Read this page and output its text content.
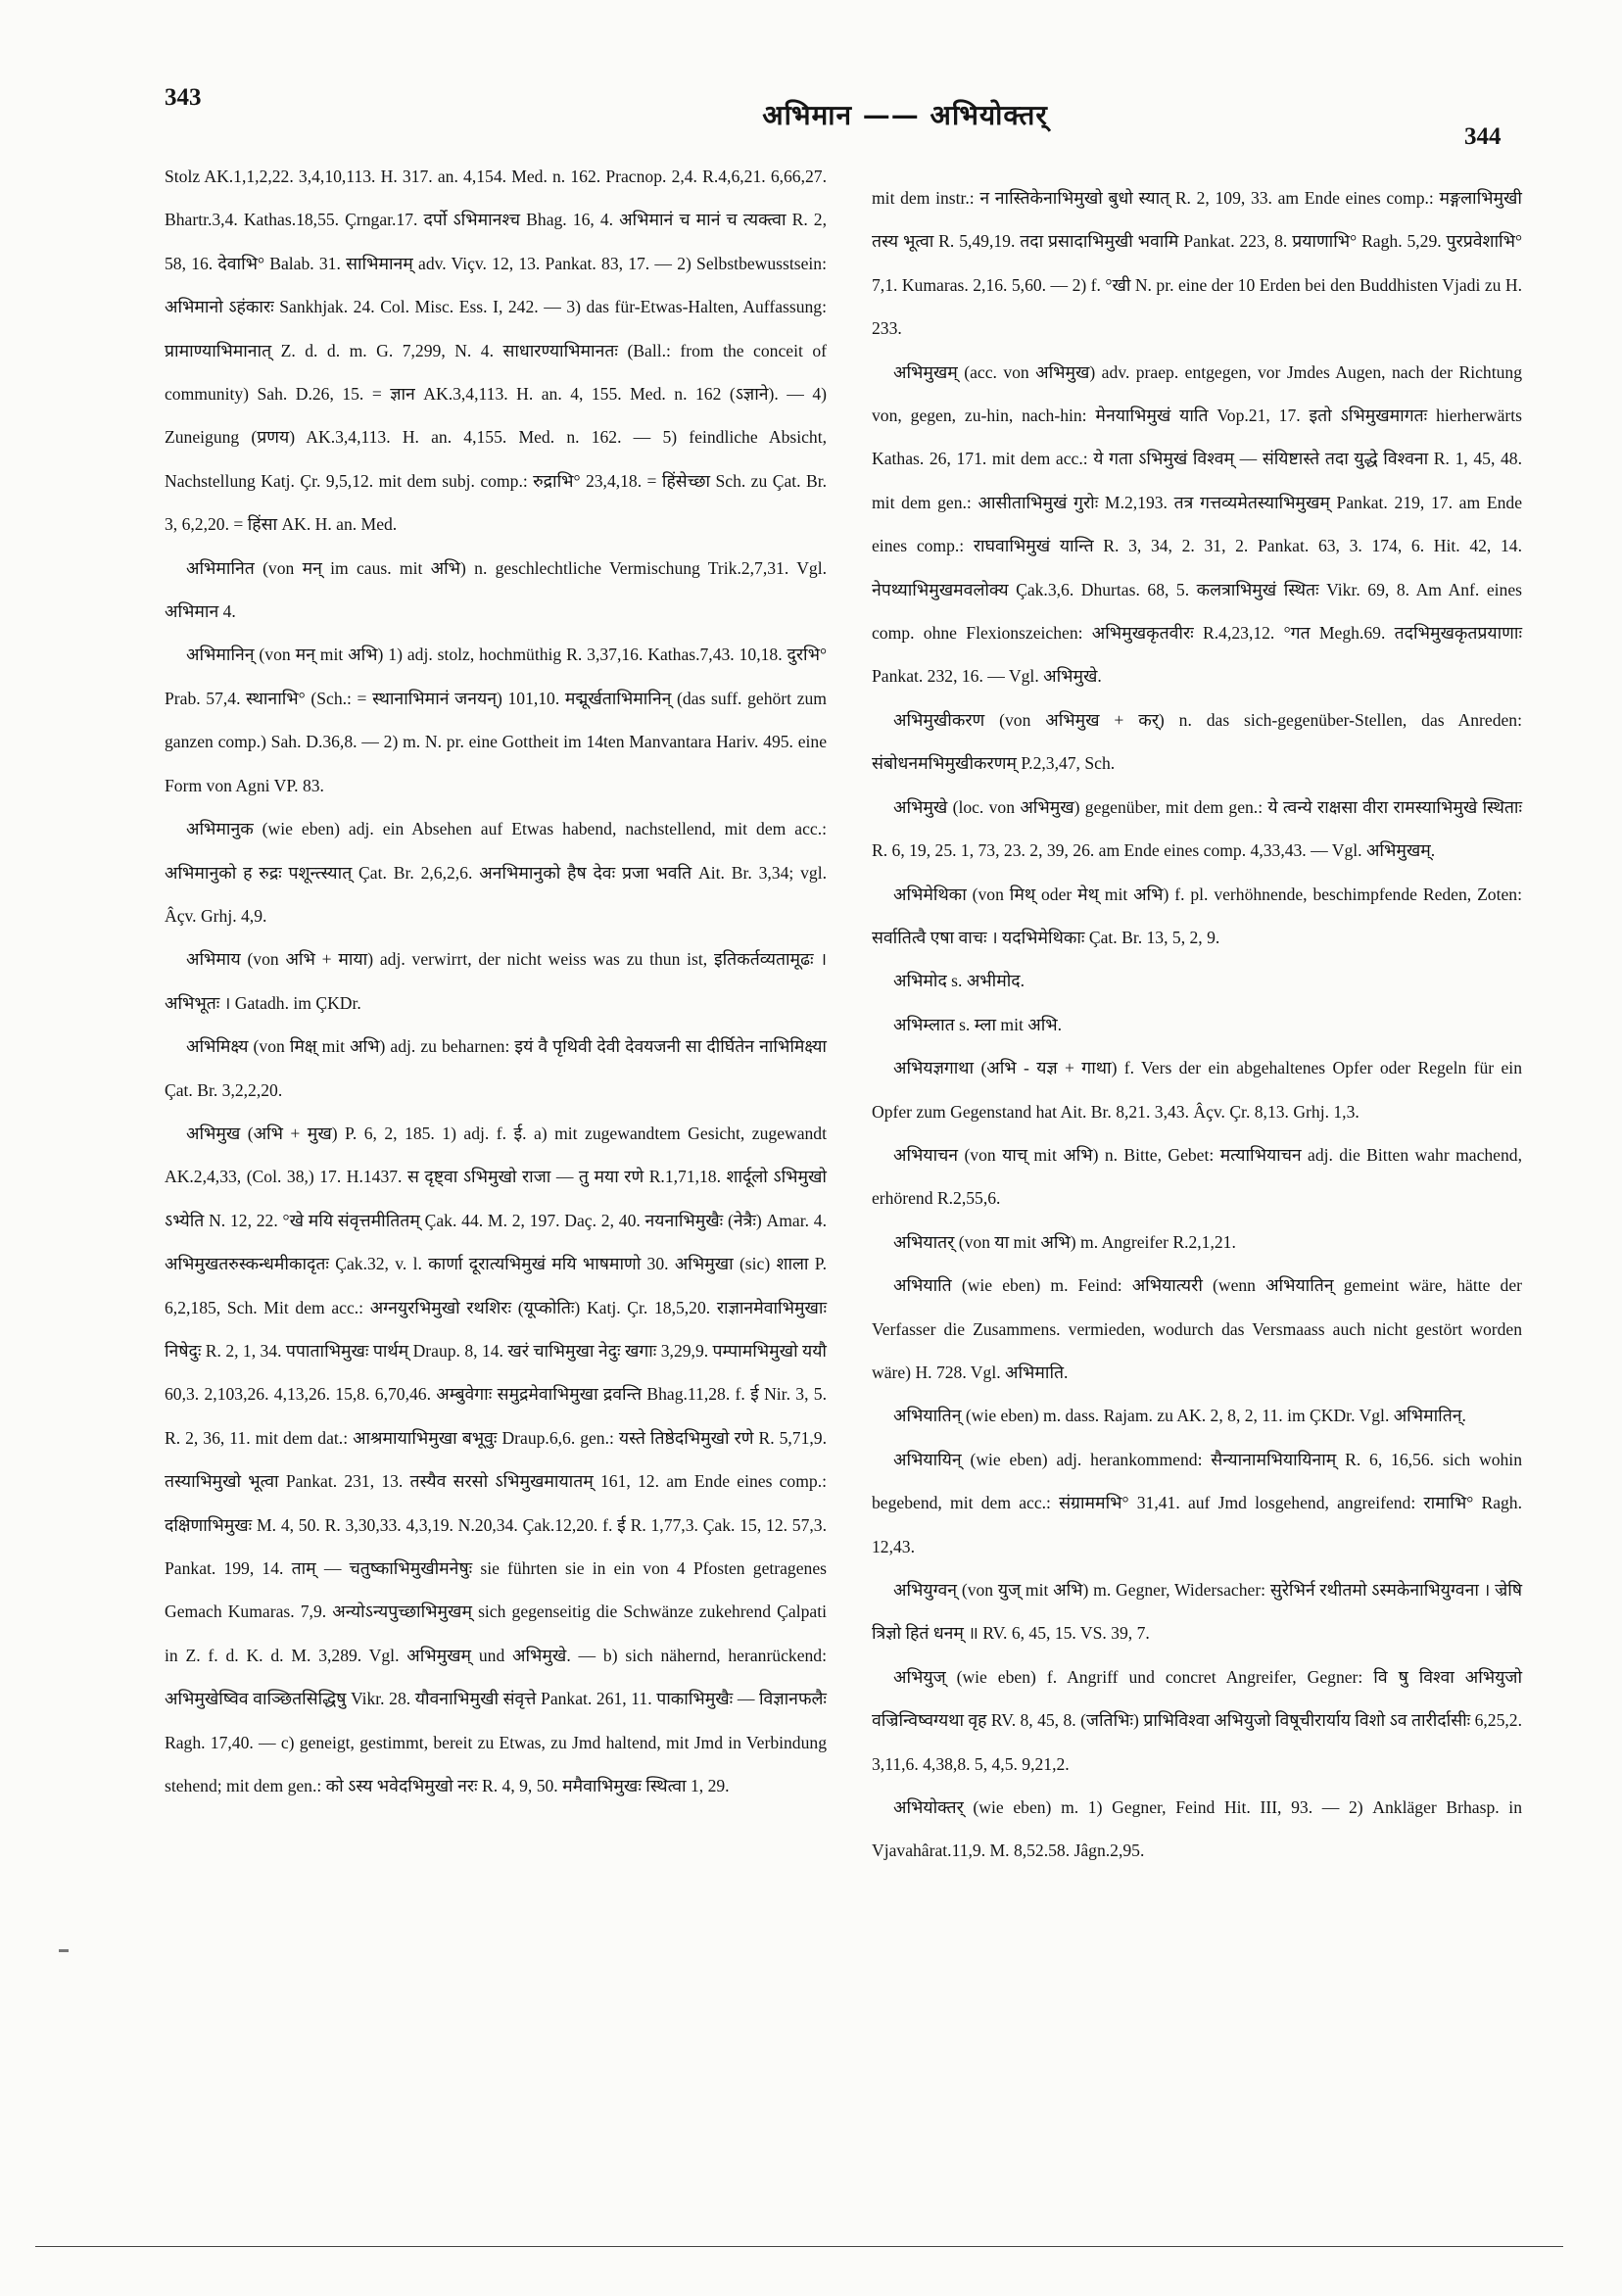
343
अभिमान —— अभियोक्तर्
344

Stolz AK.1,1,2,22. 3,4,10,113. H. 317. an. 4,154. Med. n. 162. Pracnop. 2,4. R.4,6,21. 6,66,27. Bhartr.3,4. Kathas.18,55. Çrngar.17. दर्पो ऽभिमानश्च Bhag. 16, 4. अभिमानं च मानं च त्यक्त्वा R. 2, 58, 16. देवाभि° Balab. 31. साभिमानम् adv. Viçv. 12, 13. Pankat. 83, 17. — 2) Selbstbewusstsein: अभिमानो ऽहंकारः Sankhjak. 24. Col. Misc. Ess. I, 242. — 3) das für-Etwas-Halten, Auffassung: प्रामाण्याभिमानात् Z. d. d. m. G. 7,299, N. 4. साधारण्याभिमानतः (Ball.: from the conceit of community) Sah. D.26, 15. = ज्ञान AK.3,4,113. H. an. 4, 155. Med. n. 162 (ऽज्ञाने). — 4) Zuneigung (प्रणय) AK.3,4,113. H. an. 4,155. Med. n. 162. — 5) feindliche Absicht, Nachstellung Katj. Çr. 9,5,12. mit dem subj. comp.: रुद्राभि° 23,4,18. = हिंसेच्छा Sch. zu Çat. Br. 3, 6,2,20. = हिंसा AK. H. an. Med.

अभिमानित (von मन् im caus. mit अभि) n. geschlechtliche Vermischung Trik.2,7,31. Vgl. अभिमान 4.

अभिमानिन् (von मन् mit अभि) 1) adj. stolz, hochmüthig R. 3,37,16. Kathas.7,43. 10,18. दुरभि° Prab. 57,4. स्थानाभि° (Sch.: = स्थानाभिमानं जनयन्) 101,10. मद्मूर्खताभिमानिन् (das suff. gehört zum ganzen comp.) Sah. D.36,8. — 2) m. N. pr. eine Gottheit im 14ten Manvantara Hariv. 495. eine Form von Agni VP. 83.

अभिमानुक (wie eben) adj. ein Absehen auf Etwas habend, nachstellend, mit dem acc.: अभिमानुको ह रुद्रः पशून्त्स्यात् Çat. Br. 2,6,2,6. अनभिमानुको हैष देवः प्रजा भवति Ait. Br. 3,34; vgl. Âçv. Grhj. 4,9.

अभिमाय (von अभि + माया) adj. verwirrt, der nicht weiss was zu thun ist, इतिकर्तव्यतामूढः । अभिभूतः । Gatadh. im ÇKDr.

अभिमिक्ष्य (von मिक्ष् mit अभि) adj. zu beharnen: इयं वै पृथिवी देवी देवयजनी सा दीर्घितेन नाभिमिक्ष्या Çat. Br. 3,2,2,20.

अभिमुख (अभि + मुख) P. 6, 2, 185. 1) adj. f. ई. a) mit zugewandtem Gesicht, zugewandt AK.2,4,33, (Col. 38,) 17. H.1437. स दृष्ट्वा ऽभिमुखो राजा — तु मया रणे R.1,71,18. शार्दूलो ऽभिमुखो ऽभ्येति N. 12, 22. °खे मयि संवृत्तमीतितम् Çak. 44. M. 2, 197. Daç. 2, 40. नयनाभिमुखैः (नेत्रैः) Amar. 4. अभिमुखतरुस्कन्धमीकादृतः Çak.32, v. l. कार्णा दूरात्यभिमुखं मयि भाषमाणो 30. अभिमुखा (sic) शाला P. 6,2,185, Sch. Mit dem acc.: अग्नयुरभिमुखो रथशिरः (यूप्कोतिः) Katj. Çr. 18,5,20. राज्ञानमेवाभिमुखाः निषेदुः R. 2, 1, 34. पपाताभिमुखः पार्थम् Draup. 8, 14. खरं चाभिमुखा नेदुः खगाः 3,29,9. पम्पामभिमुखो ययौ 60,3. 2,103,26. 4,13,26. 15,8. 6,70,46. अम्बुवेगाः समुद्रमेवाभिमुखा द्रवन्ति Bhag.11,28. f. ई Nir. 3, 5. R. 2, 36, 11. mit dem dat.: आश्रमायाभिमुखा बभूवुः Draup.6,6. gen.: यस्ते तिष्ठेदभिमुखो रणे R. 5,71,9. तस्याभिमुखो भूत्वा Pankat. 231, 13. तस्यैव सरसो ऽभिमुखमायातम् 161, 12. am Ende eines comp.: दक्षिणाभिमुखः M. 4, 50. R. 3,30,33. 4,3,19. N.20,34. Çak.12,20. f. ई R. 1,77,3. Çak. 15, 12. 57,3. Pankat. 199, 14. ताम् — चतुष्काभिमुखीमनेषुः sie führten sie in ein von 4 Pfosten getragenes Gemach Kumaras. 7,9. अन्योऽन्यपुच्छाभिमुखम् sich gegenseitig die Schwänze zukehrend Çalpati in Z. f. d. K. d. M. 3,289. Vgl. अभिमुखम् und अभिमुखे. — b) sich nähernd, heranrückend: अभिमुखेष्विव वाञ्छितसिद्धिषु Vikr. 28. यौवनाभिमुखी संवृत्ते Pankat. 261, 11. पाकाभिमुखैः — विज्ञानफलैः Ragh. 17,40. — c) geneigt, gestimmt, bereit zu Etwas, zu Jmd haltend, mit Jmd in Verbindung stehend; mit dem gen.: को ऽस्य भवेदभिमुखो नरः R. 4, 9, 50. ममैवाभिमुखः स्थित्वा 1, 29.

mit dem instr.: न नास्तिकेनाभिमुखो बुधो स्यात् R. 2, 109, 33. am Ende eines comp.: मङ्गलाभिमुखी तस्य भूत्वा R. 5,49,19. तदा प्रसादाभिमुखी भवामि Pankat. 223, 8. प्रयाणाभि° Ragh. 5,29. पुरप्रवेशाभि° 7,1. Kumaras. 2,16. 5,60. — 2) f. °खी N. pr. eine der 10 Erden bei den Buddhisten Vjadi zu H. 233.

अभिमुखम् (acc. von अभिमुख) adv. praep. entgegen, vor Jmdes Augen, nach der Richtung von, gegen, zu-hin, nach-hin: मेनयाभिमुखं याति Vop.21, 17. इतो ऽभिमुखमागतः hierherwärts Kathas. 26, 171. mit dem acc.: ये गता ऽभिमुखं विश्वम् — संयिष्टास्ते तदा युद्धे विश्वना R. 1, 45, 48. mit dem gen.: आसीताभिमुखं गुरोः M.2,193. तत्र गत्तव्यमेतस्याभिमुखम् Pankat. 219, 17. am Ende eines comp.: राघवाभिमुखं यान्ति R. 3, 34, 2. 31, 2. Pankat. 63, 3. 174, 6. Hit. 42, 14. नेपथ्याभिमुखमवलोक्य Çak.3,6. Dhurtas. 68, 5. कलत्राभिमुखं स्थितः Vikr. 69, 8. Am Anf. eines comp. ohne Flexionszeichen: अभिमुखकृतवीरः R.4,23,12. °गत Megh.69. तदभिमुखकृतप्रयाणाः Pankat. 232, 16. — Vgl. अभिमुखे.

अभिमुखीकरण (von अभिमुख + कर्) n. das sich-gegenüber-Stellen, das Anreden: संबोधनमभिमुखीकरणम् P.2,3,47, Sch.

अभिमुखे (loc. von अभिमुख) gegenüber, mit dem gen.: ये त्वन्ये राक्षसा वीरा रामस्याभिमुखे स्थिताः R. 6, 19, 25. 1, 73, 23. 2, 39, 26. am Ende eines comp. 4,33,43. — Vgl. अभिमुखम्.

अभिमेथिका (von मिथ् oder मेथ् mit अभि) f. pl. verhöhnende, beschimpfende Reden, Zoten: सर्वातित्वै एषा वाचः । यदभिमेथिकाः Çat. Br. 13, 5, 2, 9.

अभिमोद s. अभीमोद.

अभिम्लात s. म्ला mit अभि.

अभियज्ञगाथा (अभि - यज्ञ + गाथा) f. Vers der ein abgehaltenes Opfer oder Regeln für ein Opfer zum Gegenstand hat Ait. Br. 8,21. 3,43. Âçv. Çr. 8,13. Grhj. 1,3.

अभियाचन (von याच् mit अभि) n. Bitte, Gebet: मत्याभियाचन adj. die Bitten wahr machend, erhörend R.2,55,6.

अभियातर् (von या mit अभि) m. Angreifer R.2,1,21.

अभियाति (wie eben) m. Feind: अभियात्यरी (wenn अभियातिन् gemeint wäre, hätte der Verfasser die Zusammens. vermieden, wodurch das Versmaass auch nicht gestört worden wäre) H. 728. Vgl. अभिमाति.

अभियातिन् (wie eben) m. dass. Rajam. zu AK. 2, 8, 2, 11. im ÇKDr. Vgl. अभिमातिन्.

अभियायिन् (wie eben) adj. herankommend: सैन्यानामभियायिनाम् R. 6, 16,56. sich wohin begebend, mit dem acc.: संग्राममभि° 31,41. auf Jmd losgehend, angreifend: रामाभि° Ragh. 12,43.

अभियुग्वन् (von युज् mit अभि) m. Gegner, Widersacher: सुरेभिर्न रथीतमो ऽस्मकेनाभियुग्वना । ज्रेषि त्रिज्ञो हितं धनम् ॥ RV. 6, 45, 15. VS. 39, 7.

अभियुज् (wie eben) f. Angriff und concret Angreifer, Gegner: वि षु विश्वा अभियुजो वज्रिन्विष्वग्यथा वृह RV. 8, 45, 8. (जतिभिः) प्राभिविश्वा अभियुजो विषूचीरार्याय विशो ऽव तारीर्दासीः 6,25,2. 3,11,6. 4,38,8. 5, 4,5. 9,21,2.

अभियोक्तर् (wie eben) m. 1) Gegner, Feind Hit. III, 93. — 2) Ankläger Brhasp. in Vjavahârat.11,9. M. 8,52.58. Jâgn.2,95.
